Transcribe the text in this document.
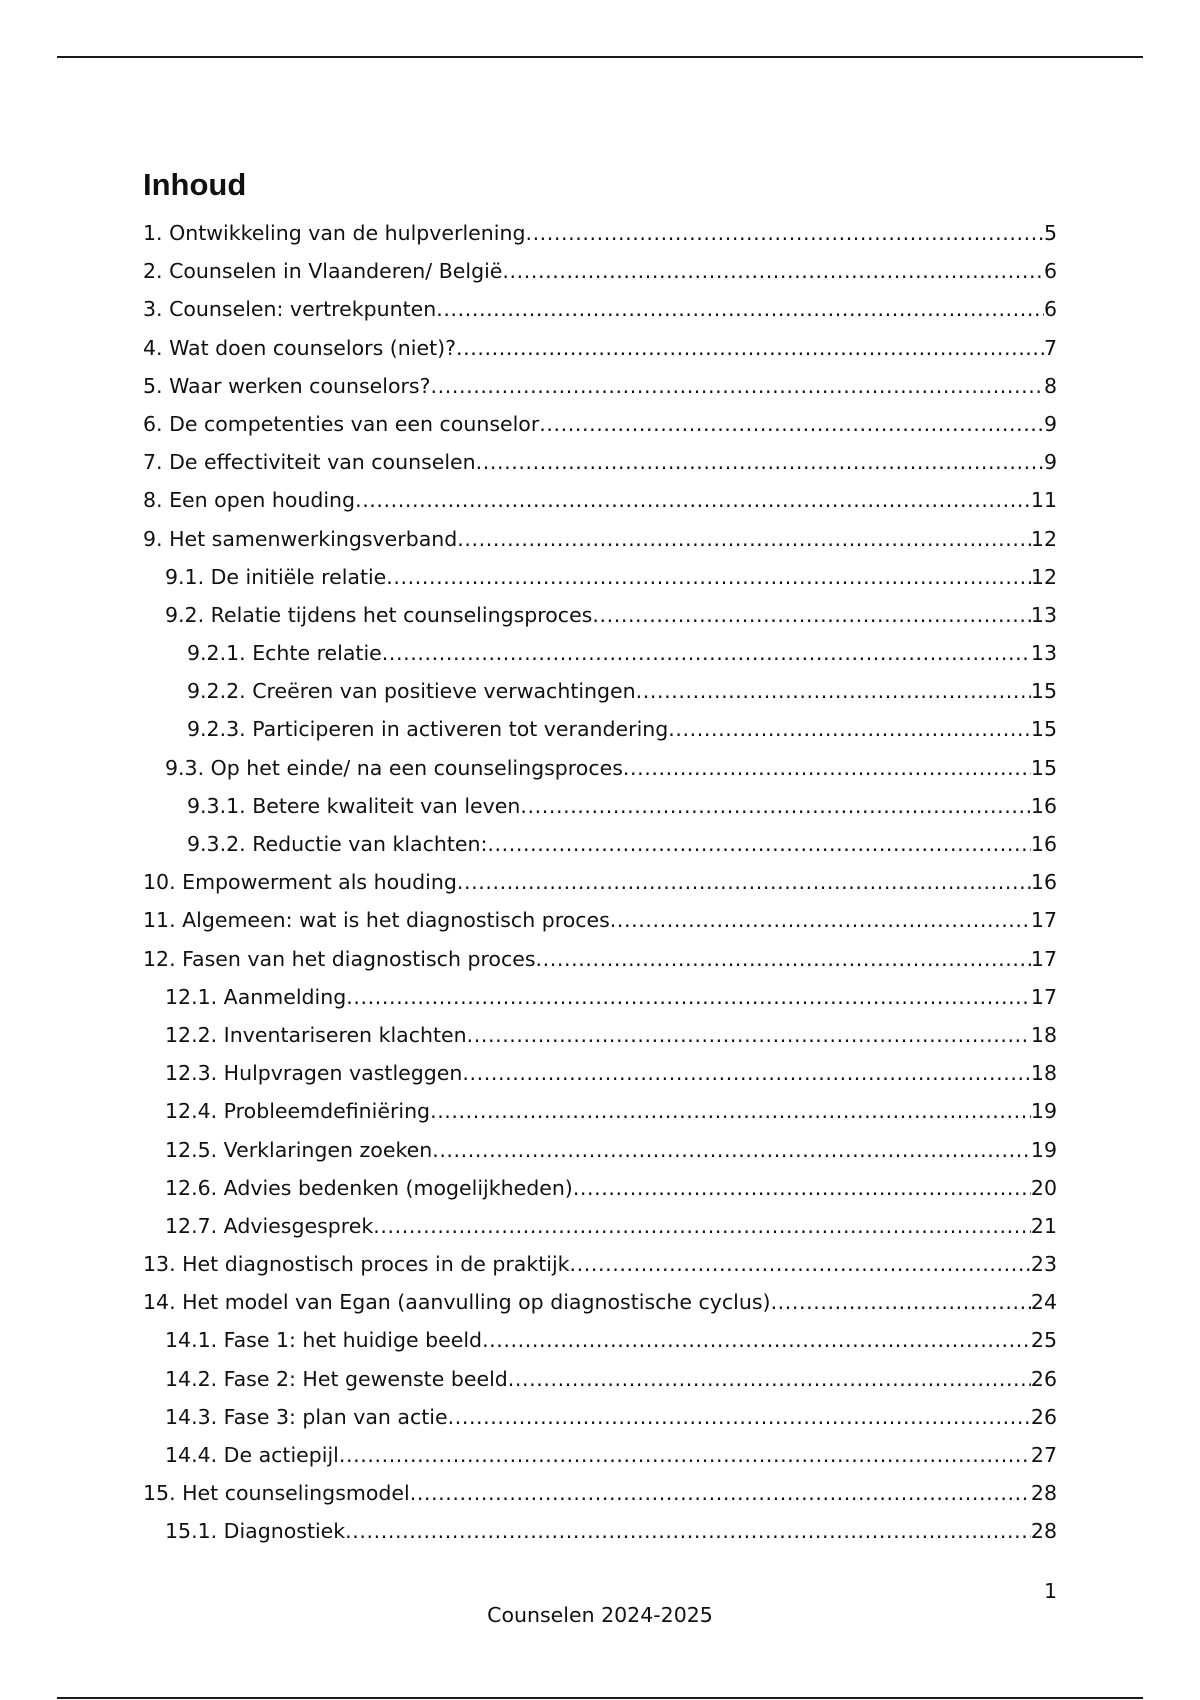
Inhoud
1. Ontwikkeling van de hulpverlening .....	5
2. Counselen in Vlaanderen/ België .....	6
3. Counselen: vertrekpunten .....	6
4. Wat doen counselors (niet)? .....	7
5. Waar werken counselors? .....	8
6. De competenties van een counselor .....	9
7. De effectiviteit van counselen .....	9
8. Een open houding .....	11
9. Het samenwerkingsverband .....	12
9.1. De initiële relatie .....	12
9.2. Relatie tijdens het counselingsproces .....	13
9.2.1. Echte relatie .....	13
9.2.2. Creëren van positieve verwachtingen .....	15
9.2.3. Participeren in activeren tot verandering .....	15
9.3. Op het einde/ na een counselingsproces .....	15
9.3.1. Betere kwaliteit van leven .....	16
9.3.2. Reductie van klachten: .....	16
10. Empowerment als houding .....	16
11. Algemeen: wat is het diagnostisch proces .....	17
12. Fasen van het diagnostisch proces .....	17
12.1. Aanmelding .....	17
12.2. Inventariseren klachten .....	18
12.3. Hulpvragen vastleggen .....	18
12.4. Probleemdefiniëring .....	19
12.5. Verklaringen zoeken .....	19
12.6. Advies bedenken (mogelijkheden) .....	20
12.7. Adviesgesprek .....	21
13. Het diagnostisch proces in de praktijk .....	23
14. Het model van Egan (aanvulling op diagnostische cyclus) .....	24
14.1. Fase 1: het huidige beeld .....	25
14.2. Fase 2: Het gewenste beeld .....	26
14.3. Fase 3: plan van actie .....	26
14.4. De actiepijl .....	27
15. Het counselingsmodel .....	28
15.1. Diagnostiek .....	28
1
Counselen 2024-2025
